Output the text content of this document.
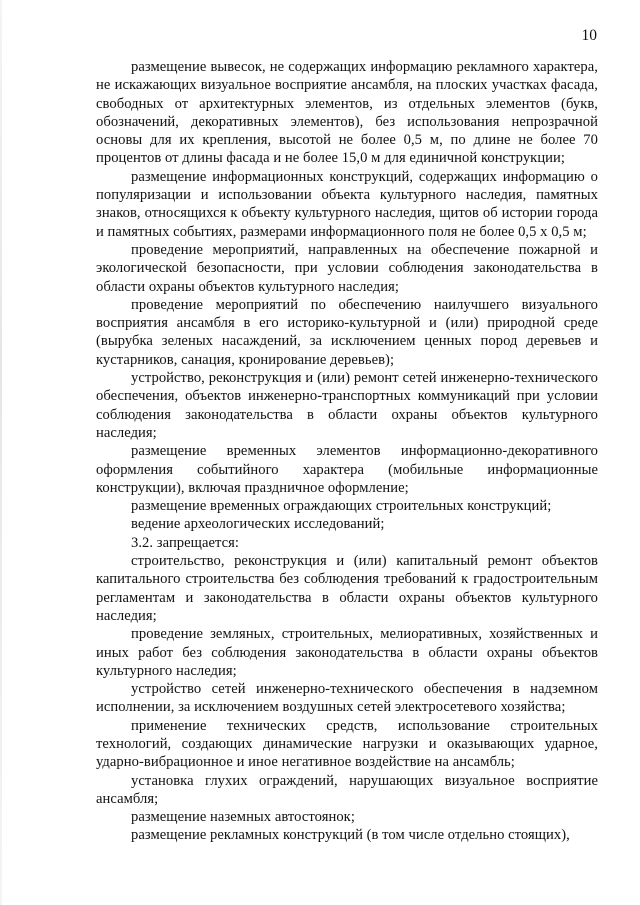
10

размещение вывесок, не содержащих информацию рекламного характера, не искажающих визуальное восприятие ансамбля, на плоских участках фасада, свободных от архитектурных элементов, из отдельных элементов (букв, обозначений, декоративных элементов), без использования непрозрачной основы для их крепления, высотой не более 0,5 м, по длине не более 70 процентов от длины фасада и не более 15,0 м для единичной конструкции;

размещение информационных конструкций, содержащих информацию о популяризации и использовании объекта культурного наследия, памятных знаков, относящихся к объекту культурного наследия, щитов об истории города и памятных событиях, размерами информационного поля не более 0,5 х 0,5 м;

проведение мероприятий, направленных на обеспечение пожарной и экологической безопасности, при условии соблюдения законодательства в области охраны объектов культурного наследия;

проведение мероприятий по обеспечению наилучшего визуального восприятия ансамбля в его историко-культурной и (или) природной среде (вырубка зеленых насаждений, за исключением ценных пород деревьев и кустарников, санация, кронирование деревьев);

устройство, реконструкция и (или) ремонт сетей инженерно-технического обеспечения, объектов инженерно-транспортных коммуникаций при условии соблюдения законодательства в области охраны объектов культурного наследия;

размещение временных элементов информационно-декоративного оформления событийного характера (мобильные информационные конструкции), включая праздничное оформление;

размещение временных ограждающих строительных конструкций;

ведение археологических исследований;

3.2. запрещается:

строительство, реконструкция и (или) капитальный ремонт объектов капитального строительства без соблюдения требований к градостроительным регламентам и законодательства в области охраны объектов культурного наследия;

проведение земляных, строительных, мелиоративных, хозяйственных и иных работ без соблюдения законодательства в области охраны объектов культурного наследия;

устройство сетей инженерно-технического обеспечения в надземном исполнении, за исключением воздушных сетей электросетевого хозяйства;

применение технических средств, использование строительных технологий, создающих динамические нагрузки и оказывающих ударное, ударно-вибрационное и иное негативное воздействие на ансамбль;

установка глухих ограждений, нарушающих визуальное восприятие ансамбля;

размещение наземных автостоянок;

размещение рекламных конструкций (в том числе отдельно стоящих),
